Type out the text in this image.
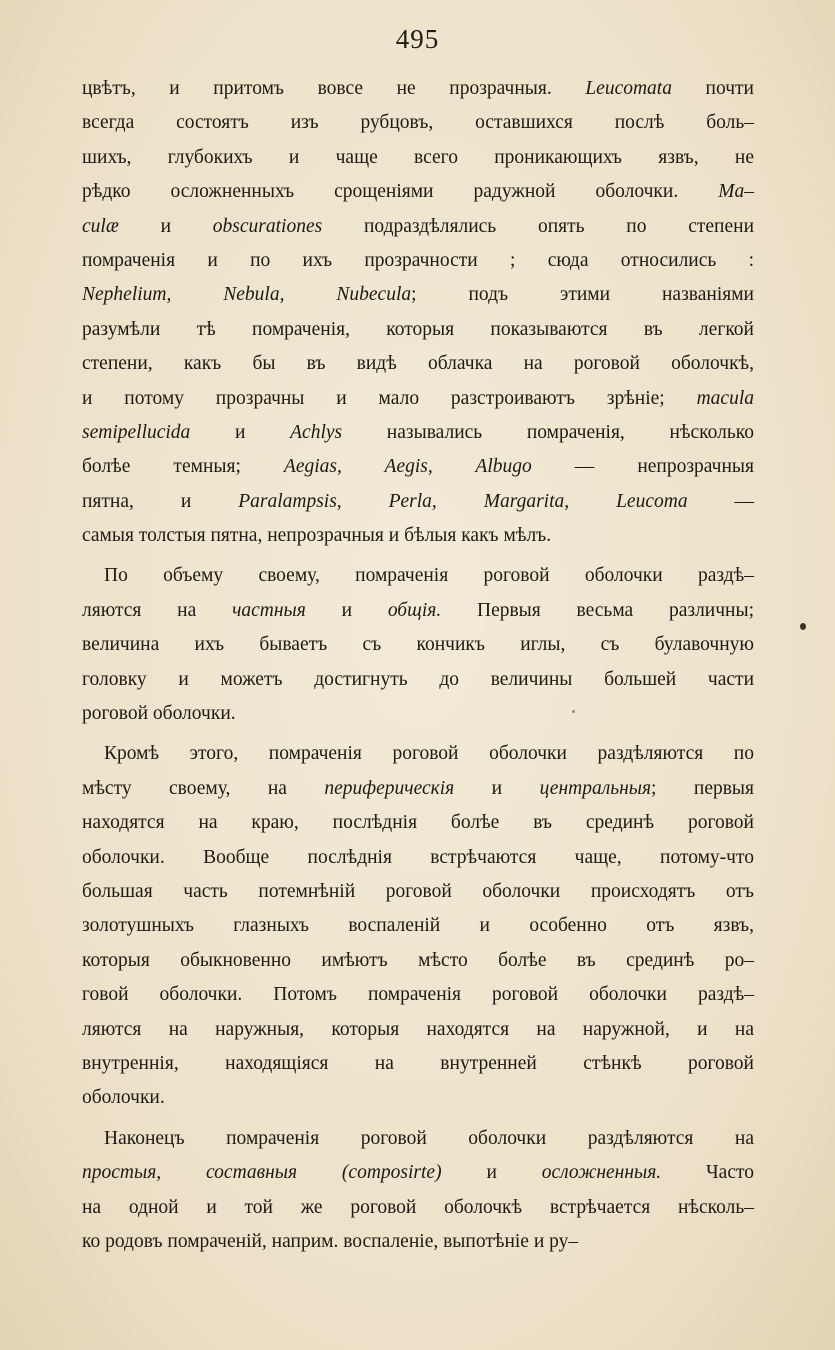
495
цвѣтъ, и притомъ вовсе не прозрачныя. Leucomata почти
всегда состоятъ изъ рубцовъ, оставшихся послѣ боль–
шихъ, глубокихъ и чаще всего проникающихъ язвъ, не
рѣдко осложненныхъ срощеніями радужной оболочки. Ma–
culæ и obscurationes подраздѣлялись опять по степени
помраченія и по ихъ прозрачности ; сюда относились :
Nephelium, Nebula, Nubecula; подъ этими названіями
разумѣли тѣ помраченія, которыя показываются въ легкой
степени, какъ бы въ видѣ облачка на роговой оболочкѣ,
и потому прозрачны и мало разстроиваютъ зрѣніе; macula
semipellucida и Achlys назывались помраченія, нѣсколько
болѣе темныя; Aegias, Aegis, Albugo — непрозрачныя
пятна, и Paralampsis, Perla, Margarita, Leucoma —
самыя толстыя пятна, непрозрачныя и бѣлыя какъ мѣлъ.
По объему своему, помраченія роговой оболочки раздѣ–
ляются на частныя и общія. Первыя весьма различны;
величина ихъ бываетъ съ кончикъ иглы, съ булавочную
головку и можетъ достигнуть до величины большей части
роговой оболочки.
Кромѣ этого, помраченія роговой оболочки раздѣляются по
мѣсту своему, на периферическія и центральныя; первыя
находятся на краю, послѣднія болѣе въ срединѣ роговой
оболочки. Вообще послѣднія встрѣчаются чаще, потому-что
большая часть потемнѣній роговой оболочки происходятъ отъ
золотушныхъ глазныхъ воспаленій и особенно отъ язвъ,
которыя обыкновенно имѣютъ мѣсто болѣе въ срединѣ ро–
говой оболочки. Потомъ помраченія роговой оболочки раздѣ–
ляются на наружныя, которыя находятся на наружной, и на
внутреннія, находящіяся на внутренней стѣнкѣ роговой
оболочки.
Наконецъ помраченія роговой оболочки раздѣляются на
простыя, составныя (composirte) и осложненныя. Часто
на одной и той же роговой оболочкѣ встрѣчается нѣсколь–
ко родовъ помраченій, наприм. воспаленіе, выпотѣніе и ру–
